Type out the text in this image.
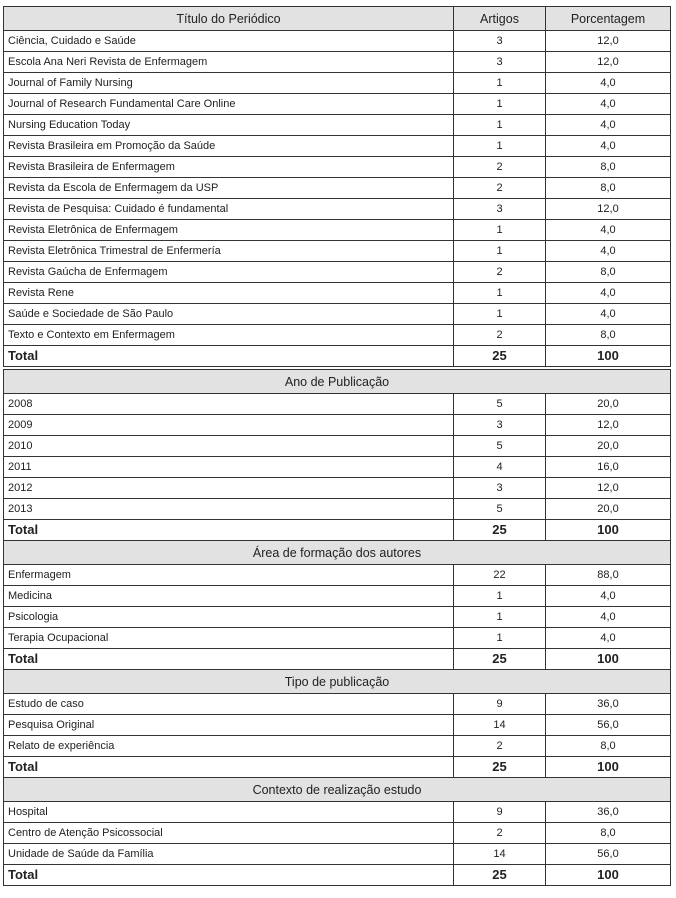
Título do Periódico	Artigos	Porcentagem
Ciência, Cuidado e Saúde	3	12,0
Escola Ana Neri Revista de Enfermagem	3	12,0
Journal of Family Nursing	1	4,0
Journal of Research Fundamental Care Online	1	4,0
Nursing Education Today	1	4,0
Revista Brasileira em Promoção da Saúde	1	4,0
Revista Brasileira de Enfermagem	2	8,0
Revista da Escola de Enfermagem da USP	2	8,0
Revista de Pesquisa: Cuidado é fundamental	3	12,0
Revista Eletrônica de Enfermagem	1	4,0
Revista Eletrônica Trimestral de Enfermería	1	4,0
Revista Gaúcha de Enfermagem	2	8,0
Revista Rene	1	4,0
Saúde e Sociedade de São Paulo	1	4,0
Texto e Contexto em Enfermagem	2	8,0
Total	25	100
Ano de Publicação		
2008	5	20,0
2009	3	12,0
2010	5	20,0
2011	4	16,0
2012	3	12,0
2013	5	20,0
Total	25	100
Área de formação dos autores		
Enfermagem	22	88,0
Medicina	1	4,0
Psicologia	1	4,0
Terapia Ocupacional	1	4,0
Total	25	100
Tipo de publicação		
Estudo de caso	9	36,0
Pesquisa Original	14	56,0
Relato de experiência	2	8,0
Total	25	100
Contexto de realização estudo		
Hospital	9	36,0
Centro de Atenção Psicossocial	2	8,0
Unidade de Saúde da Família	14	56,0
Total	25	100
